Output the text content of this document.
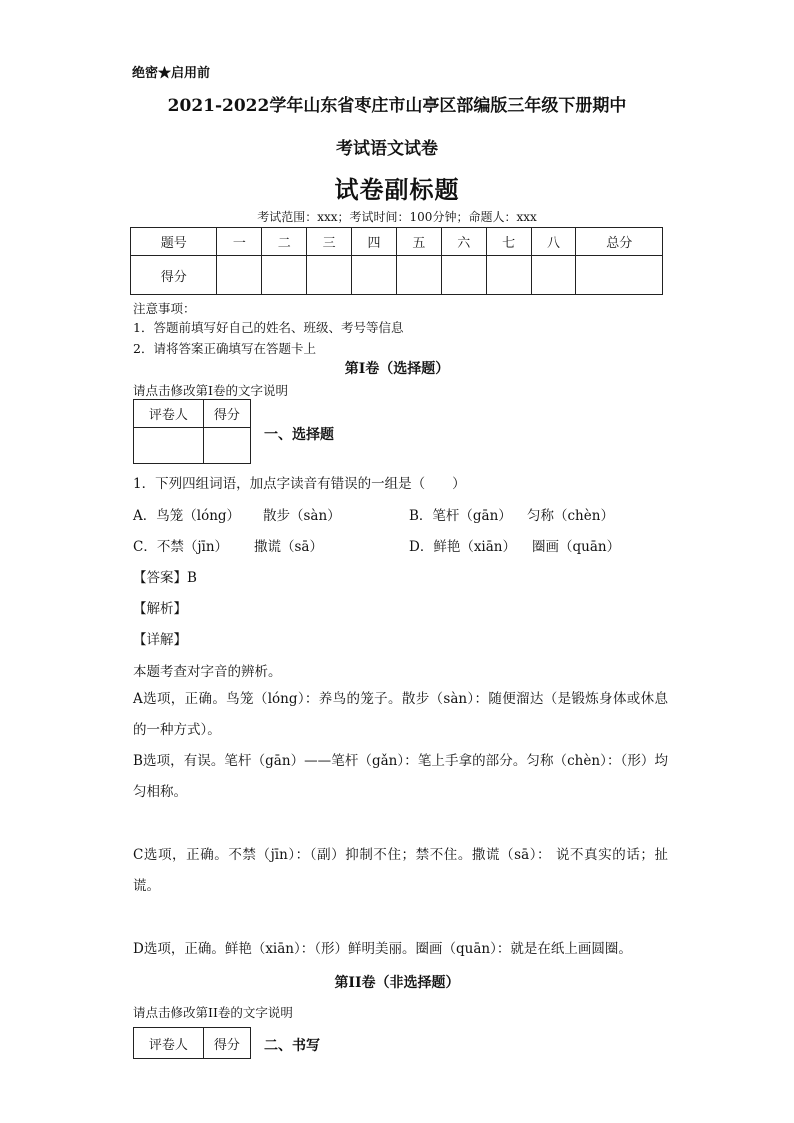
绝密★启用前
2021-2022学年山东省枣庄市山亭区部编版三年级下册期中
考试语文试卷
试卷副标题
考试范围：xxx；考试时间：100分钟；命题人：xxx
题号	一	二	三	四	五	六	七	八	总分
得分									
注意事项：
1．答题前填写好自己的姓名、班级、考号等信息
2．请将答案正确填写在答题卡上
第I卷（选择题）
请点击修改第I卷的文字说明
评卷人	得分

一、选择题
1．下列四组词语，加点字读音有错误的一组是（　　）
A．鸟笼（lóng） 散步（sàn）	B．笔杆（gān） 匀称（chèn）
C．不禁（jīn） 撒谎（sā）	D．鲜艳（xiān） 圈画（quān）
【答案】B
【解析】
【详解】
本题考查对字音的辨析。
A选项，正确。鸟笼（lóng）：养鸟的笼子。散步（sàn）：随便溜达（是锻炼身体或休息的一种方式）。
B选项，有误。笔杆（gān）——笔杆（gǎn）：笔上手拿的部分。匀称（chèn）：（形）均匀相称。
C选项，正确。不禁（jīn）：（副）抑制不住；禁不住。撒谎（sā）： 说不真实的话；扯谎。
D选项，正确。鲜艳（xiān）：（形）鲜明美丽。圈画（quān）：就是在纸上画圆圈。
第II卷（非选择题）
请点击修改第II卷的文字说明
评卷人	得分 二、书写
